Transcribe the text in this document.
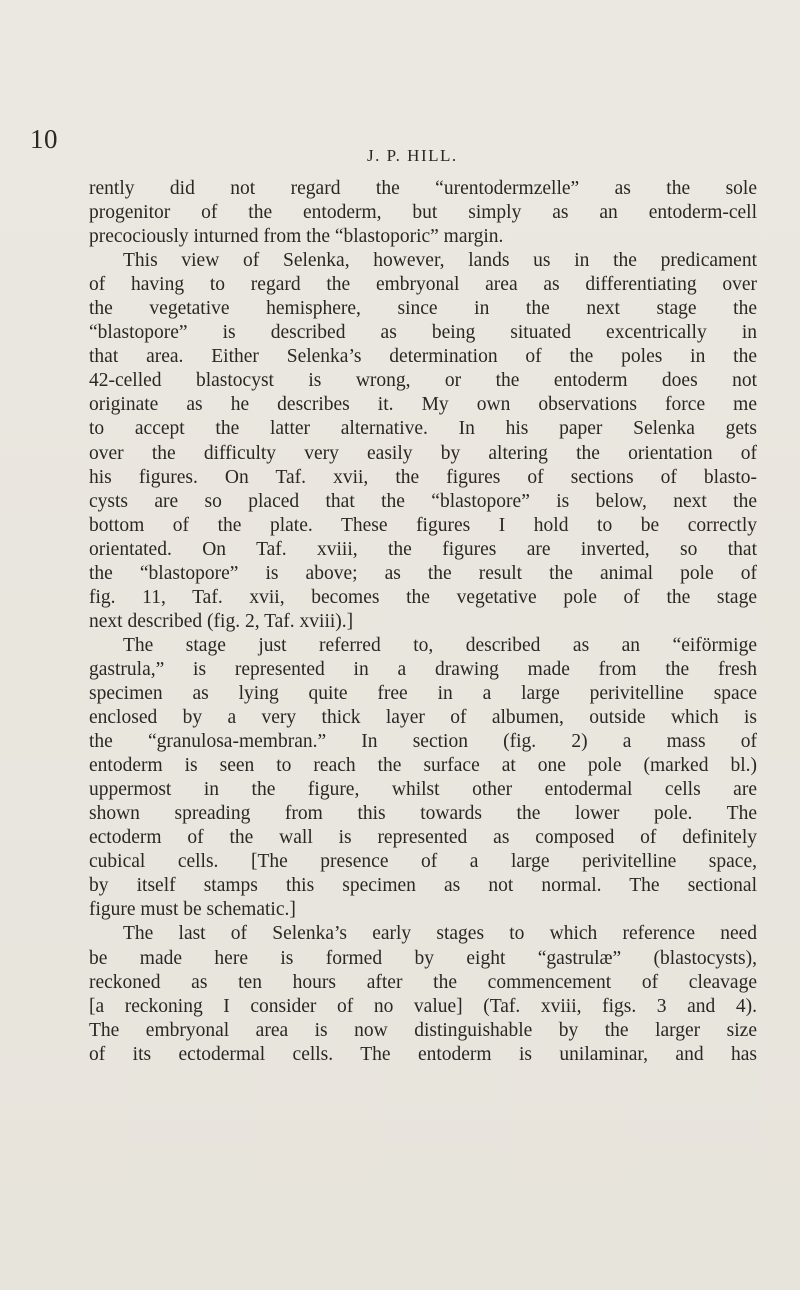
10
J. P. HILL.
rently did not regard the “urentodermzelle” as the sole
progenitor of the entoderm, but simply as an entoderm-cell
precociously inturned from the “blastoporic” margin.
This view of Selenka, however, lands us in the predicament
of having to regard the embryonal area as differentiating over
the vegetative hemisphere, since in the next stage the
“blastopore” is described as being situated excentrically in
that area. Either Selenka’s determination of the poles in the
42-celled blastocyst is wrong, or the entoderm does not
originate as he describes it. My own observations force me
to accept the latter alternative. In his paper Selenka gets
over the difficulty very easily by altering the orientation of
his figures. On Taf. xvii, the figures of sections of blasto-
cysts are so placed that the “blastopore” is below, next the
bottom of the plate. These figures I hold to be correctly
orientated. On Taf. xviii, the figures are inverted, so that
the “blastopore” is above; as the result the animal pole of
fig. 11, Taf. xvii, becomes the vegetative pole of the stage
next described (fig. 2, Taf. xviii).]
The stage just referred to, described as an “eiförmige
gastrula,” is represented in a drawing made from the fresh
specimen as lying quite free in a large perivitelline space
enclosed by a very thick layer of albumen, outside which is
the “granulosa-membran.” In section (fig. 2) a mass of
entoderm is seen to reach the surface at one pole (marked bl.)
uppermost in the figure, whilst other entodermal cells are
shown spreading from this towards the lower pole. The
ectoderm of the wall is represented as composed of definitely
cubical cells. [The presence of a large perivitelline space,
by itself stamps this specimen as not normal. The sectional
figure must be schematic.]
The last of Selenka’s early stages to which reference need
be made here is formed by eight “gastrulæ” (blastocysts),
reckoned as ten hours after the commencement of cleavage
[a reckoning I consider of no value] (Taf. xviii, figs. 3 and 4).
The embryonal area is now distinguishable by the larger size
of its ectodermal cells. The entoderm is unilaminar, and has
